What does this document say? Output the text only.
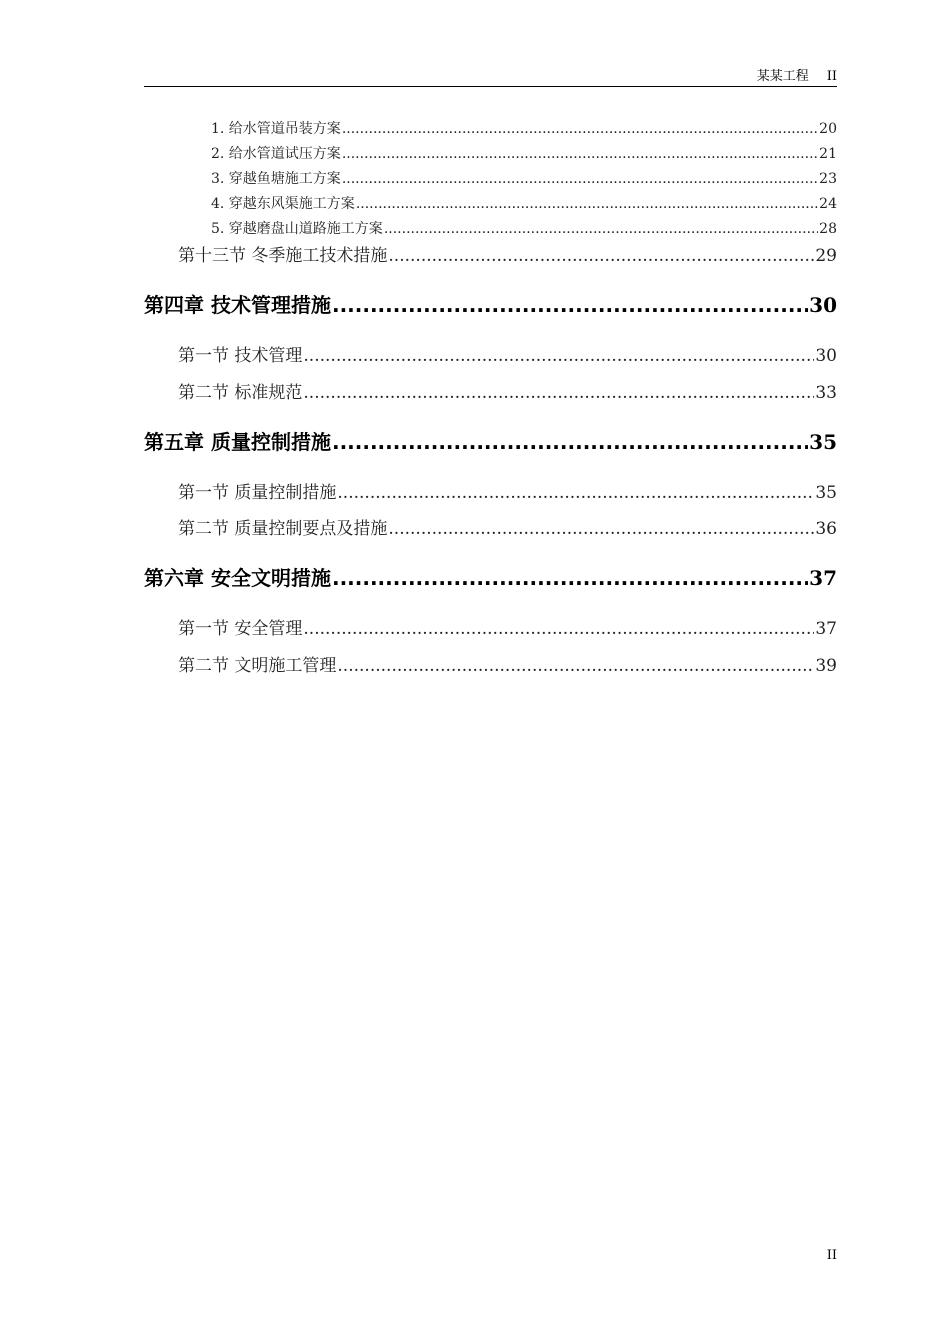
某某工程 II
1. 给水管道吊装方案 .....	20
2. 给水管道试压方案 .....	21
3. 穿越鱼塘施工方案 .....	23
4. 穿越东风渠施工方案 .....	24
5. 穿越磨盘山道路施工方案 .....	28
第十三节 冬季施工技术措施 .....	29
第四章 技术管理措施 .....	30
第一节 技术管理 .....	30
第二节 标准规范 .....	33
第五章 质量控制措施 .....	35
第一节 质量控制措施 .....	35
第二节 质量控制要点及措施 .....	36
第六章 安全文明措施 .....	37
第一节 安全管理 .....	37
第二节 文明施工管理 .....	39
II
